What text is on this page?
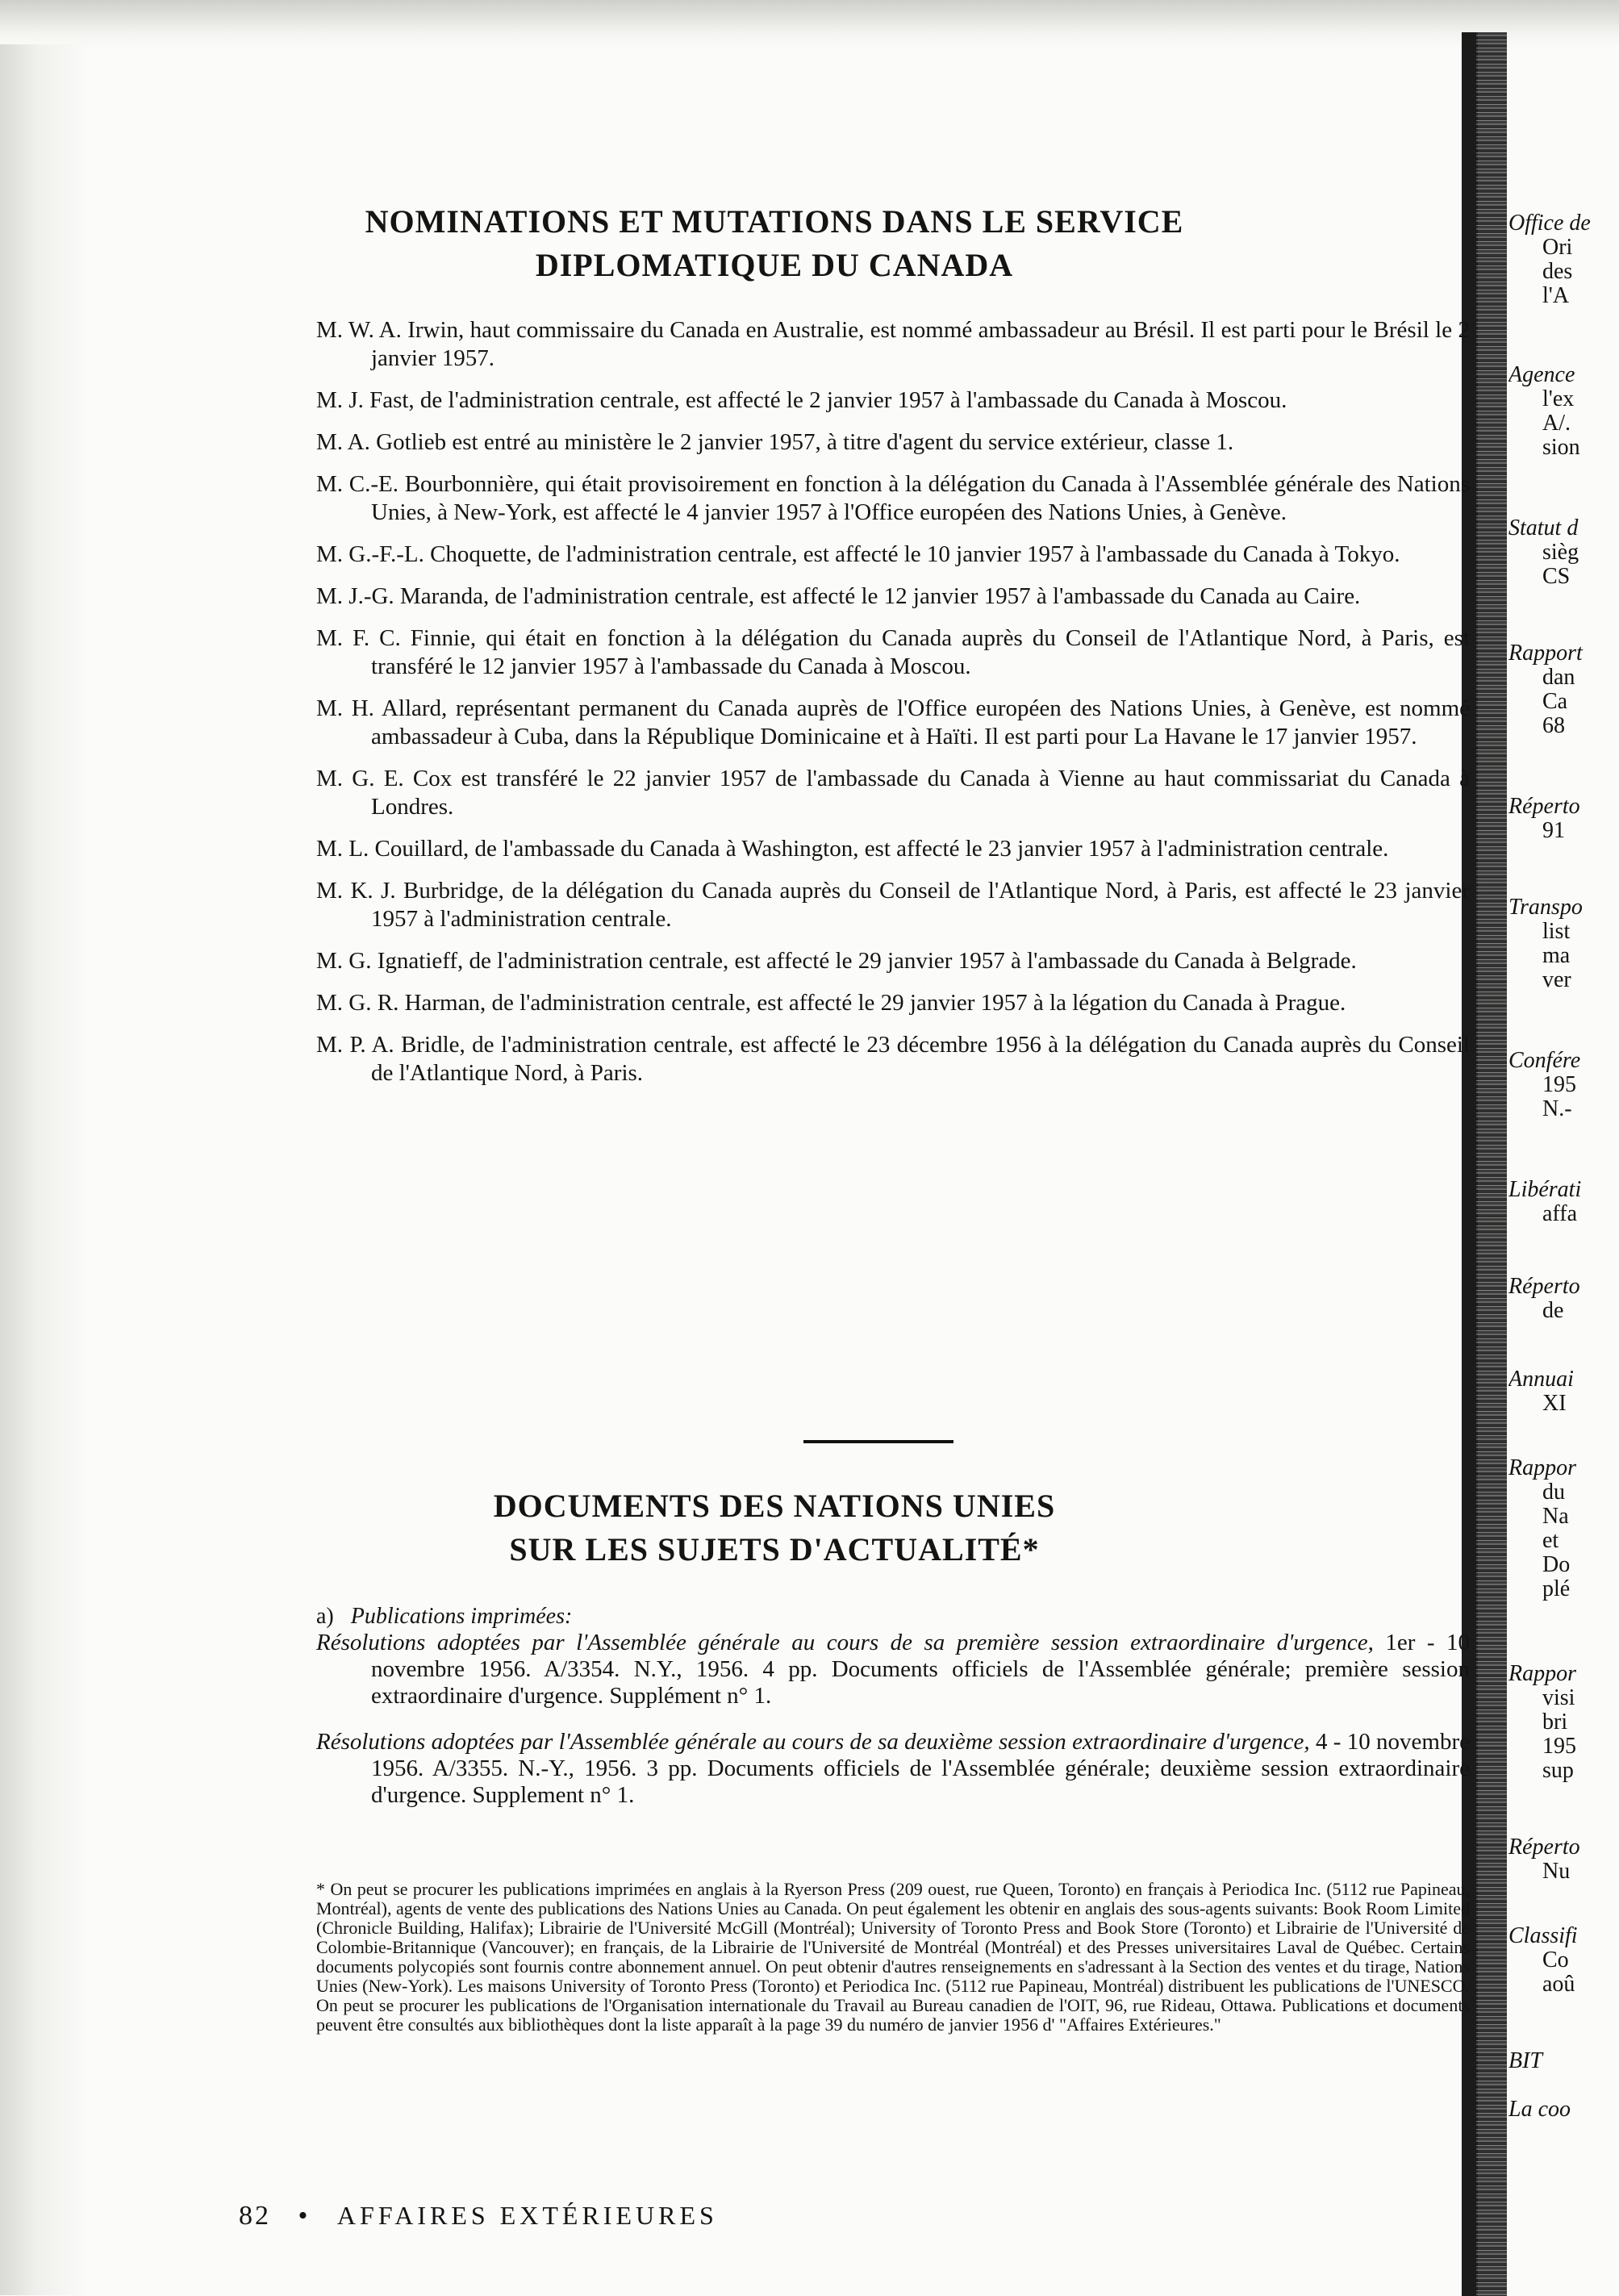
NOMINATIONS ET MUTATIONS DANS LE SERVICE
DIPLOMATIQUE DU CANADA

M. W. A. Irwin, haut commissaire du Canada en Australie, est nommé ambassadeur au Brésil. Il est parti pour le Brésil le 2 janvier 1957.

M. J. Fast, de l'administration centrale, est affecté le 2 janvier 1957 à l'ambassade du Canada à Moscou.

M. A. Gotlieb est entré au ministère le 2 janvier 1957, à titre d'agent du service extérieur, classe 1.

M. C.-E. Bourbonnière, qui était provisoirement en fonction à la délégation du Canada à l'Assemblée générale des Nations Unies, à New-York, est affecté le 4 janvier 1957 à l'Office européen des Nations Unies, à Genève.

M. G.-F.-L. Choquette, de l'administration centrale, est affecté le 10 janvier 1957 à l'ambassade du Canada à Tokyo.

M. J.-G. Maranda, de l'administration centrale, est affecté le 12 janvier 1957 à l'ambassade du Canada au Caire.

M. F. C. Finnie, qui était en fonction à la délégation du Canada auprès du Conseil de l'Atlantique Nord, à Paris, est transféré le 12 janvier 1957 à l'ambassade du Canada à Moscou.

M. H. Allard, représentant permanent du Canada auprès de l'Office européen des Nations Unies, à Genève, est nommé ambassadeur à Cuba, dans la République Dominicaine et à Haïti. Il est parti pour La Havane le 17 janvier 1957.

M. G. E. Cox est transféré le 22 janvier 1957 de l'ambassade du Canada à Vienne au haut commissariat du Canada à Londres.

M. L. Couillard, de l'ambassade du Canada à Washington, est affecté le 23 janvier 1957 à l'administration centrale.

M. K. J. Burbridge, de la délégation du Canada auprès du Conseil de l'Atlantique Nord, à Paris, est affecté le 23 janvier 1957 à l'administration centrale.

M. G. Ignatieff, de l'administration centrale, est affecté le 29 janvier 1957 à l'ambassade du Canada à Belgrade.

M. G. R. Harman, de l'administration centrale, est affecté le 29 janvier 1957 à la légation du Canada à Prague.

M. P. A. Bridle, de l'administration centrale, est affecté le 23 décembre 1956 à la délégation du Canada auprès du Conseil de l'Atlantique Nord, à Paris.

DOCUMENTS DES NATIONS UNIES
SUR LES SUJETS D'ACTUALITÉ*

a) Publications imprimées:

Résolutions adoptées par l'Assemblée générale au cours de sa première session extraordinaire d'urgence, 1er - 10 novembre 1956. A/3354. N.Y., 1956. 4 pp. Documents officiels de l'Assemblée générale; première session extraordinaire d'urgence. Supplément n° 1.

Résolutions adoptées par l'Assemblée générale au cours de sa deuxième session extraordinaire d'urgence, 4 - 10 novembre 1956. A/3355. N.-Y., 1956. 3 pp. Documents officiels de l'Assemblée générale; deuxième session extraordinaire d'urgence. Supplement n° 1.

* On peut se procurer les publications imprimées en anglais à la Ryerson Press (209 ouest, rue Queen, Toronto) en français à Periodica Inc. (5112 rue Papineau, Montréal), agents de vente des publications des Nations Unies au Canada. On peut également les obtenir en anglais des sous-agents suivants: Book Room Limited (Chronicle Building, Halifax); Librairie de l'Université McGill (Montréal); University of Toronto Press and Book Store (Toronto) et Librairie de l'Université de Colombie-Britannique (Vancouver); en français, de la Librairie de l'Université de Montréal (Montréal) et des Presses universitaires Laval de Québec. Certains documents polycopiés sont fournis contre abonnement annuel. On peut obtenir d'autres renseignements en s'adressant à la Section des ventes et du tirage, Nations Unies (New-York). Les maisons University of Toronto Press (Toronto) et Periodica Inc. (5112 rue Papineau, Montréal) distribuent les publications de l'UNESCO. On peut se procurer les publications de l'Organisation internationale du Travail au Bureau canadien de l'OIT, 96, rue Rideau, Ottawa. Publications et documents peuvent être consultés aux bibliothèques dont la liste apparaît à la page 39 du numéro de janvier 1956 d' "Affaires Extérieures."

82 • AFFAIRES EXTÉRIEURES
Office de
Ori
des
l'A
Agence
l'ex
A/.
sion
Statut d
sièg
CS
Rapport
dan
Ca
68
Réperto
91
Transpo
list
ma
ver
Confére
195
N.-
Libérati
affa
Réperto
de
Annuai
XI
Rappor
du
Na
et
Do
plé
Rappor
visi
bri
195
sup
Réperto
Nu
Classifi
Co
aoû
BIT
La coo
